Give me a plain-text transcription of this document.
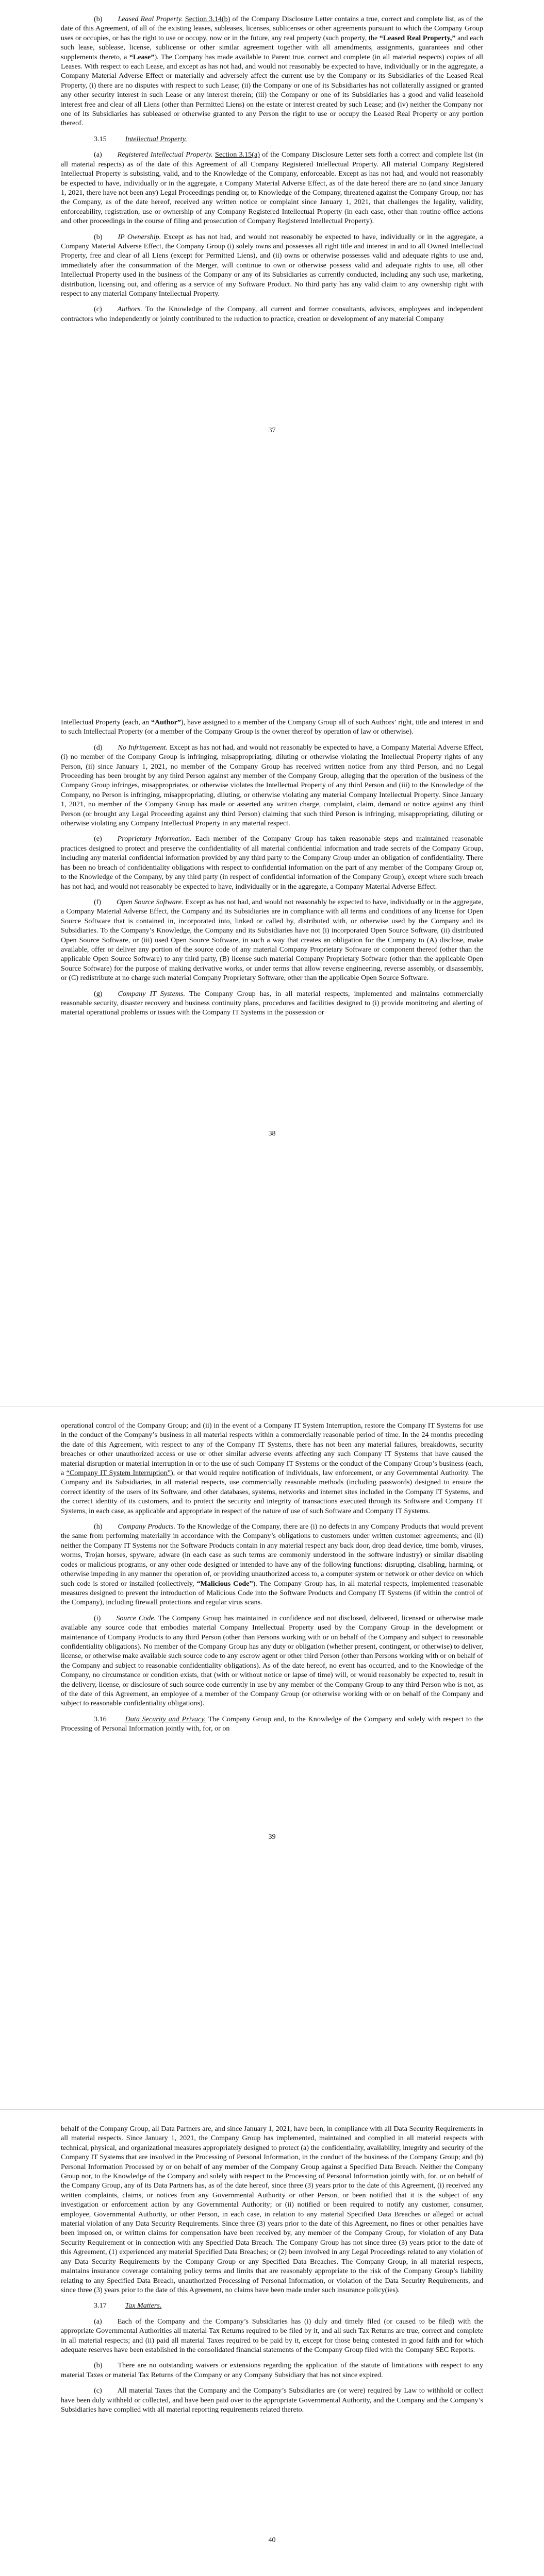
(b) Leased Real Property. Section 3.14(b) of the Company Disclosure Letter contains a true, correct and complete list, as of the date of this Agreement, of all of the existing leases, subleases, licenses, sublicenses or other agreements pursuant to which the Company Group uses or occupies, or has the right to use or occupy, now or in the future, any real property (such property, the “Leased Real Property,” and each such lease, sublease, license, sublicense or other similar agreement together with all amendments, assignments, guarantees and other supplements thereto, a “Lease”). The Company has made available to Parent true, correct and complete (in all material respects) copies of all Leases. With respect to each Lease, and except as has not had, and would not reasonably be expected to have, individually or in the aggregate, a Company Material Adverse Effect or materially and adversely affect the current use by the Company or its Subsidiaries of the Leased Real Property, (i) there are no disputes with respect to such Lease; (ii) the Company or one of its Subsidiaries has not collaterally assigned or granted any other security interest in such Lease or any interest therein; (iii) the Company or one of its Subsidiaries has a good and valid leasehold interest free and clear of all Liens (other than Permitted Liens) on the estate or interest created by such Lease; and (iv) neither the Company nor one of its Subsidiaries has subleased or otherwise granted to any Person the right to use or occupy the Leased Real Property or any portion thereof.

3.15	Intellectual Property.

(a) Registered Intellectual Property. Section 3.15(a) of the Company Disclosure Letter sets forth a correct and complete list (in all material respects) as of the date of this Agreement of all Company Registered Intellectual Property. All material Company Registered Intellectual Property is subsisting, valid, and to the Knowledge of the Company, enforceable. Except as has not had, and would not reasonably be expected to have, individually or in the aggregate, a Company Material Adverse Effect, as of the date hereof there are no (and since January 1, 2021, there have not been any) Legal Proceedings pending or, to Knowledge of the Company, threatened against the Company Group, nor has the Company, as of the date hereof, received any written notice or complaint since January 1, 2021, that challenges the legality, validity, enforceability, registration, use or ownership of any Company Registered Intellectual Property (in each case, other than routine office actions and other proceedings in the course of filing and prosecution of Company Registered Intellectual Property).

(b) IP Ownership. Except as has not had, and would not reasonably be expected to have, individually or in the aggregate, a Company Material Adverse Effect, the Company Group (i) solely owns and possesses all right title and interest in and to all Owned Intellectual Property, free and clear of all Liens (except for Permitted Liens), and (ii) owns or otherwise possesses valid and adequate rights to use and, immediately after the consummation of the Merger, will continue to own or otherwise possess valid and adequate rights to use, all other Intellectual Property used in the business of the Company or any of its Subsidiaries as currently conducted, including any such use, marketing, distribution, licensing out, and offering as a service of any Software Product. No third party has any valid claim to any ownership right with respect to any material Company Intellectual Property.

(c) Authors. To the Knowledge of the Company, all current and former consultants, advisors, employees and independent contractors who independently or jointly contributed to the reduction to practice, creation or development of any material Company

37

Intellectual Property (each, an “Author”), have assigned to a member of the Company Group all of such Authors’ right, title and interest in and to such Intellectual Property (or a member of the Company Group is the owner thereof by operation of law or otherwise).

(d) No Infringement. Except as has not had, and would not reasonably be expected to have, a Company Material Adverse Effect, (i) no member of the Company Group is infringing, misappropriating, diluting or otherwise violating the Intellectual Property rights of any Person, (ii) since January 1, 2021, no member of the Company Group has received written notice from any third Person, and no Legal Proceeding has been brought by any third Person against any member of the Company Group, alleging that the operation of the business of the Company Group infringes, misappropriates, or otherwise violates the Intellectual Property of any third Person and (iii) to the Knowledge of the Company, no Person is infringing, misappropriating, diluting, or otherwise violating any material Company Intellectual Property. Since January 1, 2021, no member of the Company Group has made or asserted any written charge, complaint, claim, demand or notice against any third Person (or brought any Legal Proceeding against any third Person) claiming that such third Person is infringing, misappropriating, diluting or otherwise violating any Company Intellectual Property in any material respect.

(e) Proprietary Information. Each member of the Company Group has taken reasonable steps and maintained reasonable practices designed to protect and preserve the confidentiality of all material confidential information and trade secrets of the Company Group, including any material confidential information provided by any third party to the Company Group under an obligation of confidentiality. There has been no breach of confidentiality obligations with respect to confidential information on the part of any member of the Company Group or, to the Knowledge of the Company, by any third party (in respect of confidential information of the Company Group), except where such breach has not had, and would not reasonably be expected to have, individually or in the aggregate, a Company Material Adverse Effect.

(f) Open Source Software. Except as has not had, and would not reasonably be expected to have, individually or in the aggregate, a Company Material Adverse Effect, the Company and its Subsidiaries are in compliance with all terms and conditions of any license for Open Source Software that is contained in, incorporated into, linked or called by, distributed with, or otherwise used by the Company and its Subsidiaries. To the Company’s Knowledge, the Company and its Subsidiaries have not (i) incorporated Open Source Software, (ii) distributed Open Source Software, or (iii) used Open Source Software, in such a way that creates an obligation for the Company to (A) disclose, make available, offer or deliver any portion of the source code of any material Company Proprietary Software or component thereof (other than the applicable Open Source Software) to any third party, (B) license such material Company Proprietary Software (other than the applicable Open Source Software) for the purpose of making derivative works, or under terms that allow reverse engineering, reverse assembly, or disassembly, or (C) redistribute at no charge such material Company Proprietary Software, other than the applicable Open Source Software.

(g) Company IT Systems. The Company Group has, in all material respects, implemented and maintains commercially reasonable security, disaster recovery and business continuity plans, procedures and facilities designed to (i) provide monitoring and alerting of material operational problems or issues with the Company IT Systems in the possession or

38

operational control of the Company Group; and (ii) in the event of a Company IT System Interruption, restore the Company IT Systems for use in the conduct of the Company’s business in all material respects within a commercially reasonable period of time. In the 24 months preceding the date of this Agreement, with respect to any of the Company IT Systems, there has not been any material failures, breakdowns, security breaches or other unauthorized access or use or other similar adverse events affecting any such Company IT Systems that have caused the material disruption or material interruption in or to the use of such Company IT Systems or the conduct of the Company Group’s business (each, a “Company IT System Interruption”), or that would require notification of individuals, law enforcement, or any Governmental Authority. The Company and its Subsidiaries, in all material respects, use commercially reasonable methods (including passwords) designed to ensure the correct identity of the users of its Software, and other databases, systems, networks and internet sites included in the Company IT Systems, and the correct identity of its customers, and to protect the security and integrity of transactions executed through its Software and Company IT Systems, in each case, as applicable and appropriate in respect of the nature of use of such Software and Company IT Systems.

(h) Company Products. To the Knowledge of the Company, there are (i) no defects in any Company Products that would prevent the same from performing materially in accordance with the Company’s obligations to customers under written customer agreements; and (ii) neither the Company IT Systems nor the Software Products contain in any material respect any back door, drop dead device, time bomb, viruses, worms, Trojan horses, spyware, adware (in each case as such terms are commonly understood in the software industry) or similar disabling codes or malicious programs, or any other code designed or intended to have any of the following functions: disrupting, disabling, harming, or otherwise impeding in any manner the operation of, or providing unauthorized access to, a computer system or network or other device on which such code is stored or installed (collectively, “Malicious Code”). The Company Group has, in all material respects, implemented reasonable measures designed to prevent the introduction of Malicious Code into the Software Products and Company IT Systems (if within the control of the Company), including firewall protections and regular virus scans.

(i) Source Code. The Company Group has maintained in confidence and not disclosed, delivered, licensed or otherwise made available any source code that embodies material Company Intellectual Property used by the Company Group in the development or maintenance of Company Products to any third Person (other than Persons working with or on behalf of the Company and subject to reasonable confidentiality obligations). No member of the Company Group has any duty or obligation (whether present, contingent, or otherwise) to deliver, license, or otherwise make available such source code to any escrow agent or other third Person (other than Persons working with or on behalf of the Company and subject to reasonable confidentiality obligations). As of the date hereof, no event has occurred, and to the Knowledge of the Company, no circumstance or condition exists, that (with or without notice or lapse of time) will, or would reasonably be expected to, result in the delivery, license, or disclosure of such source code currently in use by any member of the Company Group to any third Person who is not, as of the date of this Agreement, an employee of a member of the Company Group (or otherwise working with or on behalf of the Company and subject to reasonable confidentiality obligations).

3.16	Data Security and Privacy. The Company Group and, to the Knowledge of the Company and solely with respect to the Processing of Personal Information jointly with, for, or on

39

behalf of the Company Group, all Data Partners are, and since January 1, 2021, have been, in compliance with all Data Security Requirements in all material respects. Since January 1, 2021, the Company Group has implemented, maintained and complied in all material respects with technical, physical, and organizational measures appropriately designed to protect (a) the confidentiality, availability, integrity and security of the Company IT Systems that are involved in the Processing of Personal Information, in the conduct of the business of the Company Group; and (b) Personal Information Processed by or on behalf of any member of the Company Group against a Specified Data Breach. Neither the Company Group nor, to the Knowledge of the Company and solely with respect to the Processing of Personal Information jointly with, for, or on behalf of the Company Group, any of its Data Partners has, as of the date hereof, since three (3) years prior to the date of this Agreement, (i) received any written complaints, claims, or notices from any Governmental Authority or other Person, or been notified that it is the subject of any investigation or enforcement action by any Governmental Authority; or (ii) notified or been required to notify any customer, consumer, employee, Governmental Authority, or other Person, in each case, in relation to any material Specified Data Breaches or alleged or actual material violation of any Data Security Requirements. Since three (3) years prior to the date of this Agreement, no fines or other penalties have been imposed on, or written claims for compensation have been received by, any member of the Company Group, for violation of any Data Security Requirement or in connection with any Specified Data Breach. The Company Group has not since three (3) years prior to the date of this Agreement, (1) experienced any material Specified Data Breaches; or (2) been involved in any Legal Proceedings related to any violation of any Data Security Requirements by the Company Group or any Specified Data Breaches. The Company Group, in all material respects, maintains insurance coverage containing policy terms and limits that are reasonably appropriate to the risk of the Company Group’s liability relating to any Specified Data Breach, unauthorized Processing of Personal Information, or violation of the Data Security Requirements, and since three (3) years prior to the date of this Agreement, no claims have been made under such insurance policy(ies).

3.17	Tax Matters.

(a) Each of the Company and the Company’s Subsidiaries has (i) duly and timely filed (or caused to be filed) with the appropriate Governmental Authorities all material Tax Returns required to be filed by it, and all such Tax Returns are true, correct and complete in all material respects; and (ii) paid all material Taxes required to be paid by it, except for those being contested in good faith and for which adequate reserves have been established in the consolidated financial statements of the Company Group filed with the Company SEC Reports.

(b) There are no outstanding waivers or extensions regarding the application of the statute of limitations with respect to any material Taxes or material Tax Returns of the Company or any Company Subsidiary that has not since expired.

(c) All material Taxes that the Company and the Company’s Subsidiaries are (or were) required by Law to withhold or collect have been duly withheld or collected, and have been paid over to the appropriate Governmental Authority, and the Company and the Company’s Subsidiaries have complied with all material reporting requirements related thereto.

40
